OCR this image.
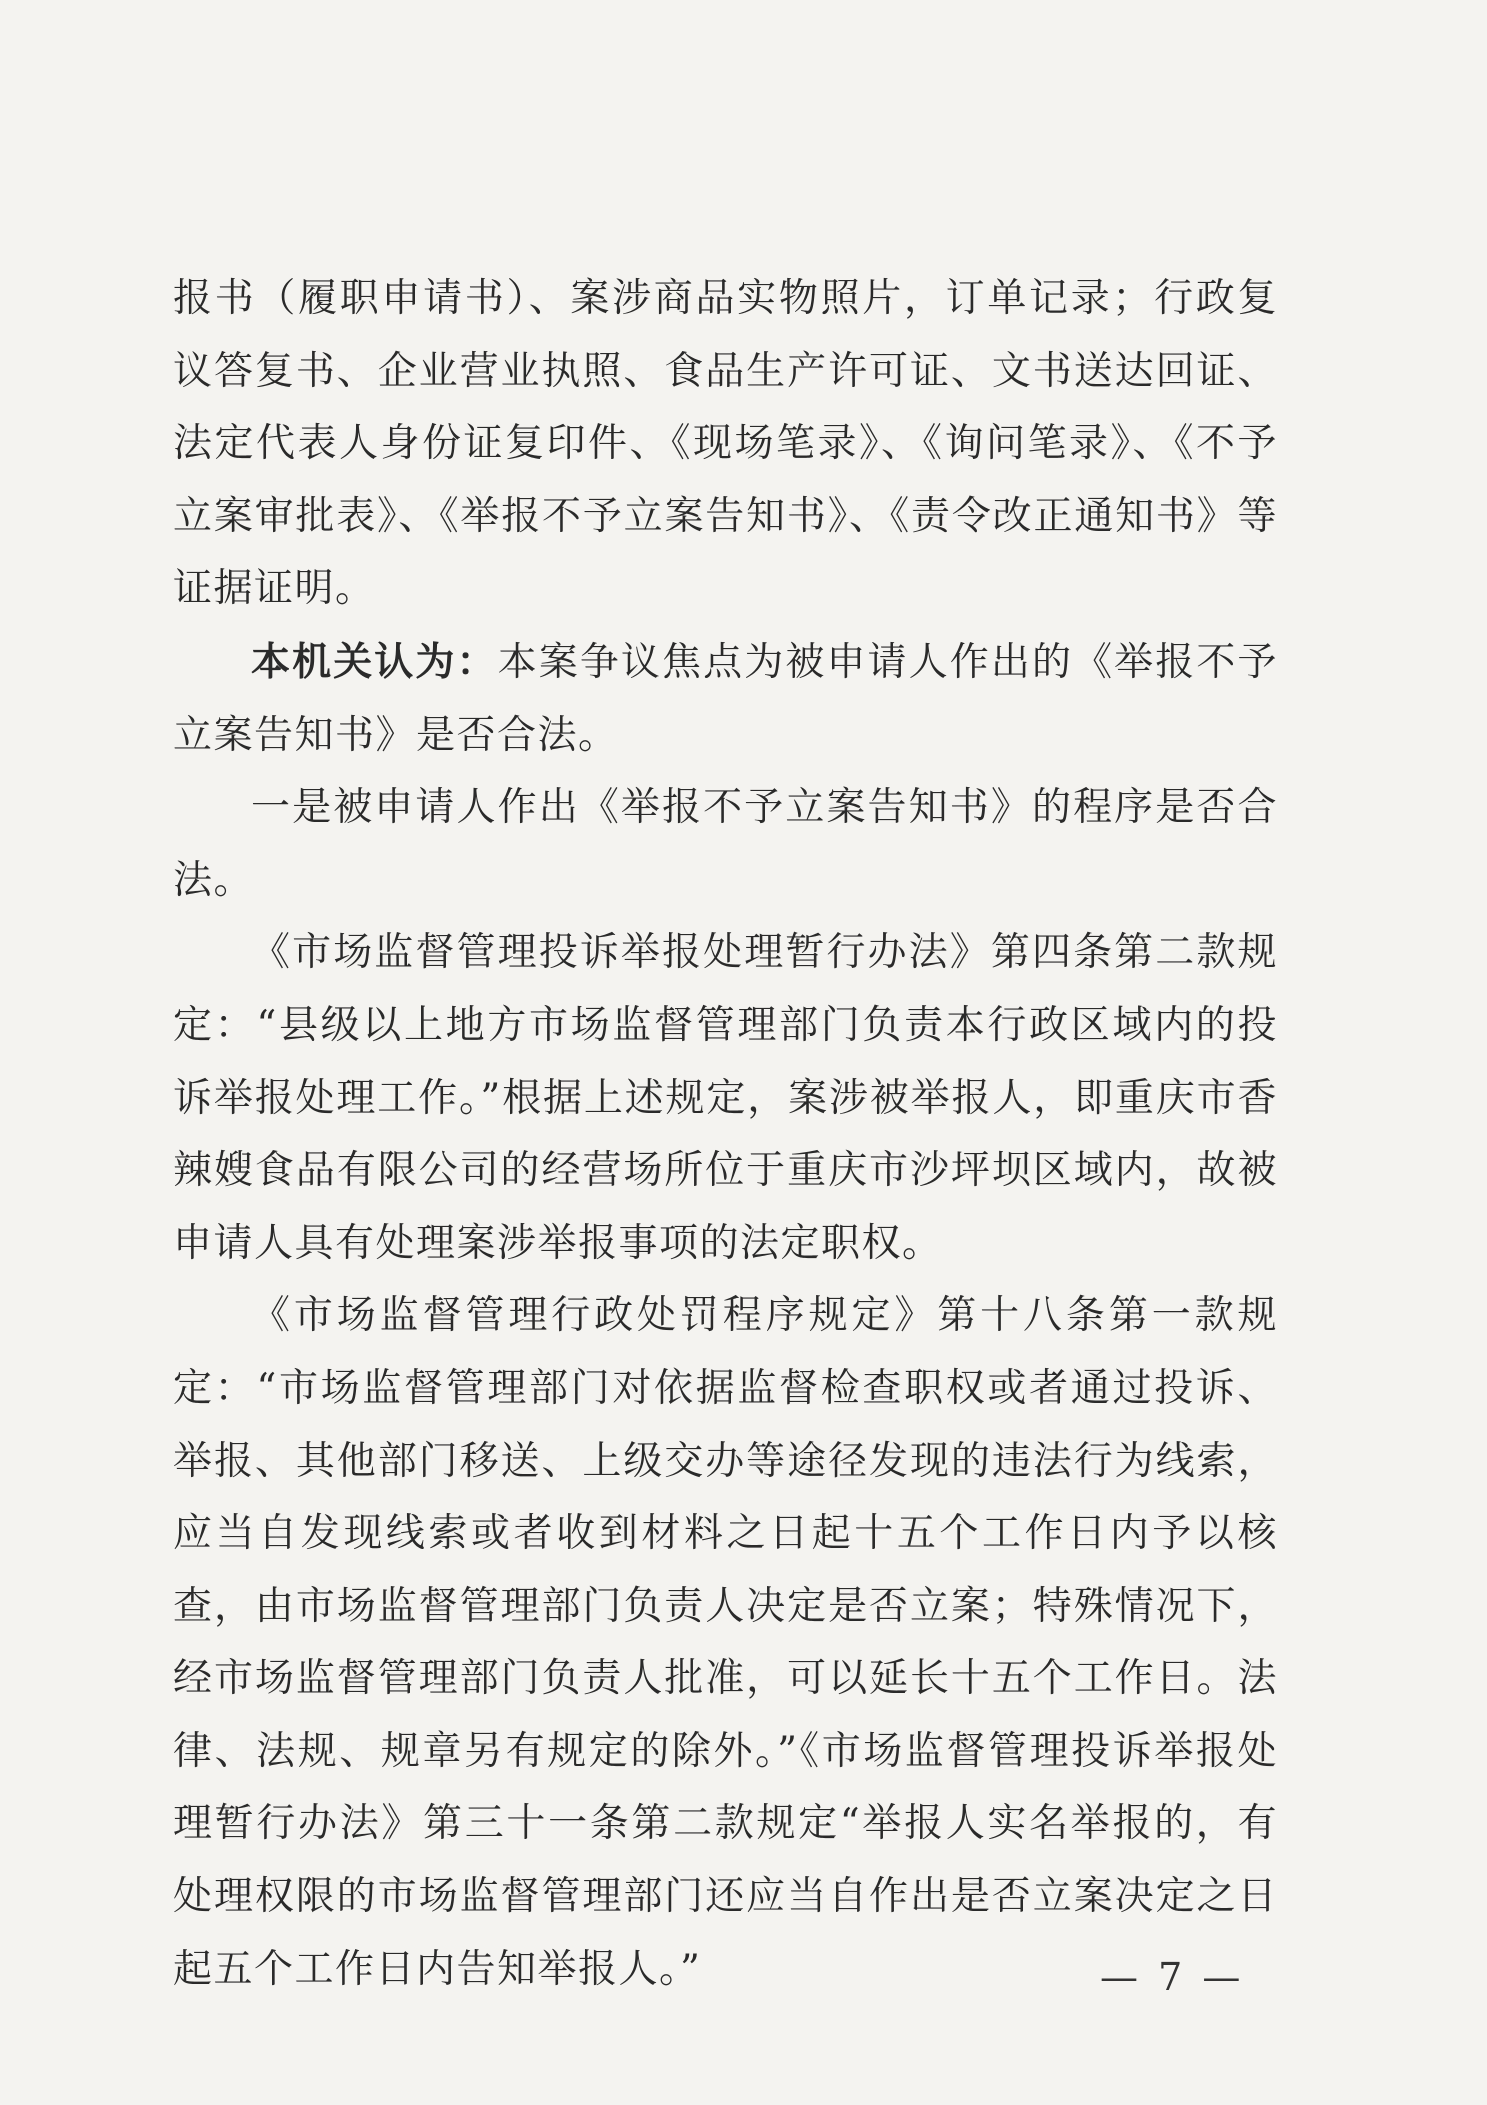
报书（履职申请书）、案涉商品实物照片，订单记录；行政复议答复书、企业营业执照、食品生产许可证、文书送达回证、法定代表人身份证复印件、《现场笔录》、《询问笔录》、《不予立案审批表》、《举报不予立案告知书》、《责令改正通知书》等证据证明。

本机关认为：本案争议焦点为被申请人作出的《举报不予立案告知书》是否合法。

一是被申请人作出《举报不予立案告知书》的程序是否合法。

《市场监督管理投诉举报处理暂行办法》第四条第二款规定：“县级以上地方市场监督管理部门负责本行政区域内的投诉举报处理工作。”根据上述规定，案涉被举报人，即重庆市香辣嫂食品有限公司的经营场所位于重庆市沙坪坝区域内，故被申请人具有处理案涉举报事项的法定职权。

《市场监督管理行政处罚程序规定》第十八条第一款规定：“市场监督管理部门对依据监督检查职权或者通过投诉、举报、其他部门移送、上级交办等途径发现的违法行为线索，应当自发现线索或者收到材料之日起十五个工作日内予以核查，由市场监督管理部门负责人决定是否立案；特殊情况下，经市场监督管理部门负责人批准，可以延长十五个工作日。法律、法规、规章另有规定的除外。”《市场监督管理投诉举报处理暂行办法》第三十一条第二款规定“举报人实名举报的，有处理权限的市场监督管理部门还应当自作出是否立案决定之日起五个工作日内告知举报人。”	— 7 —
